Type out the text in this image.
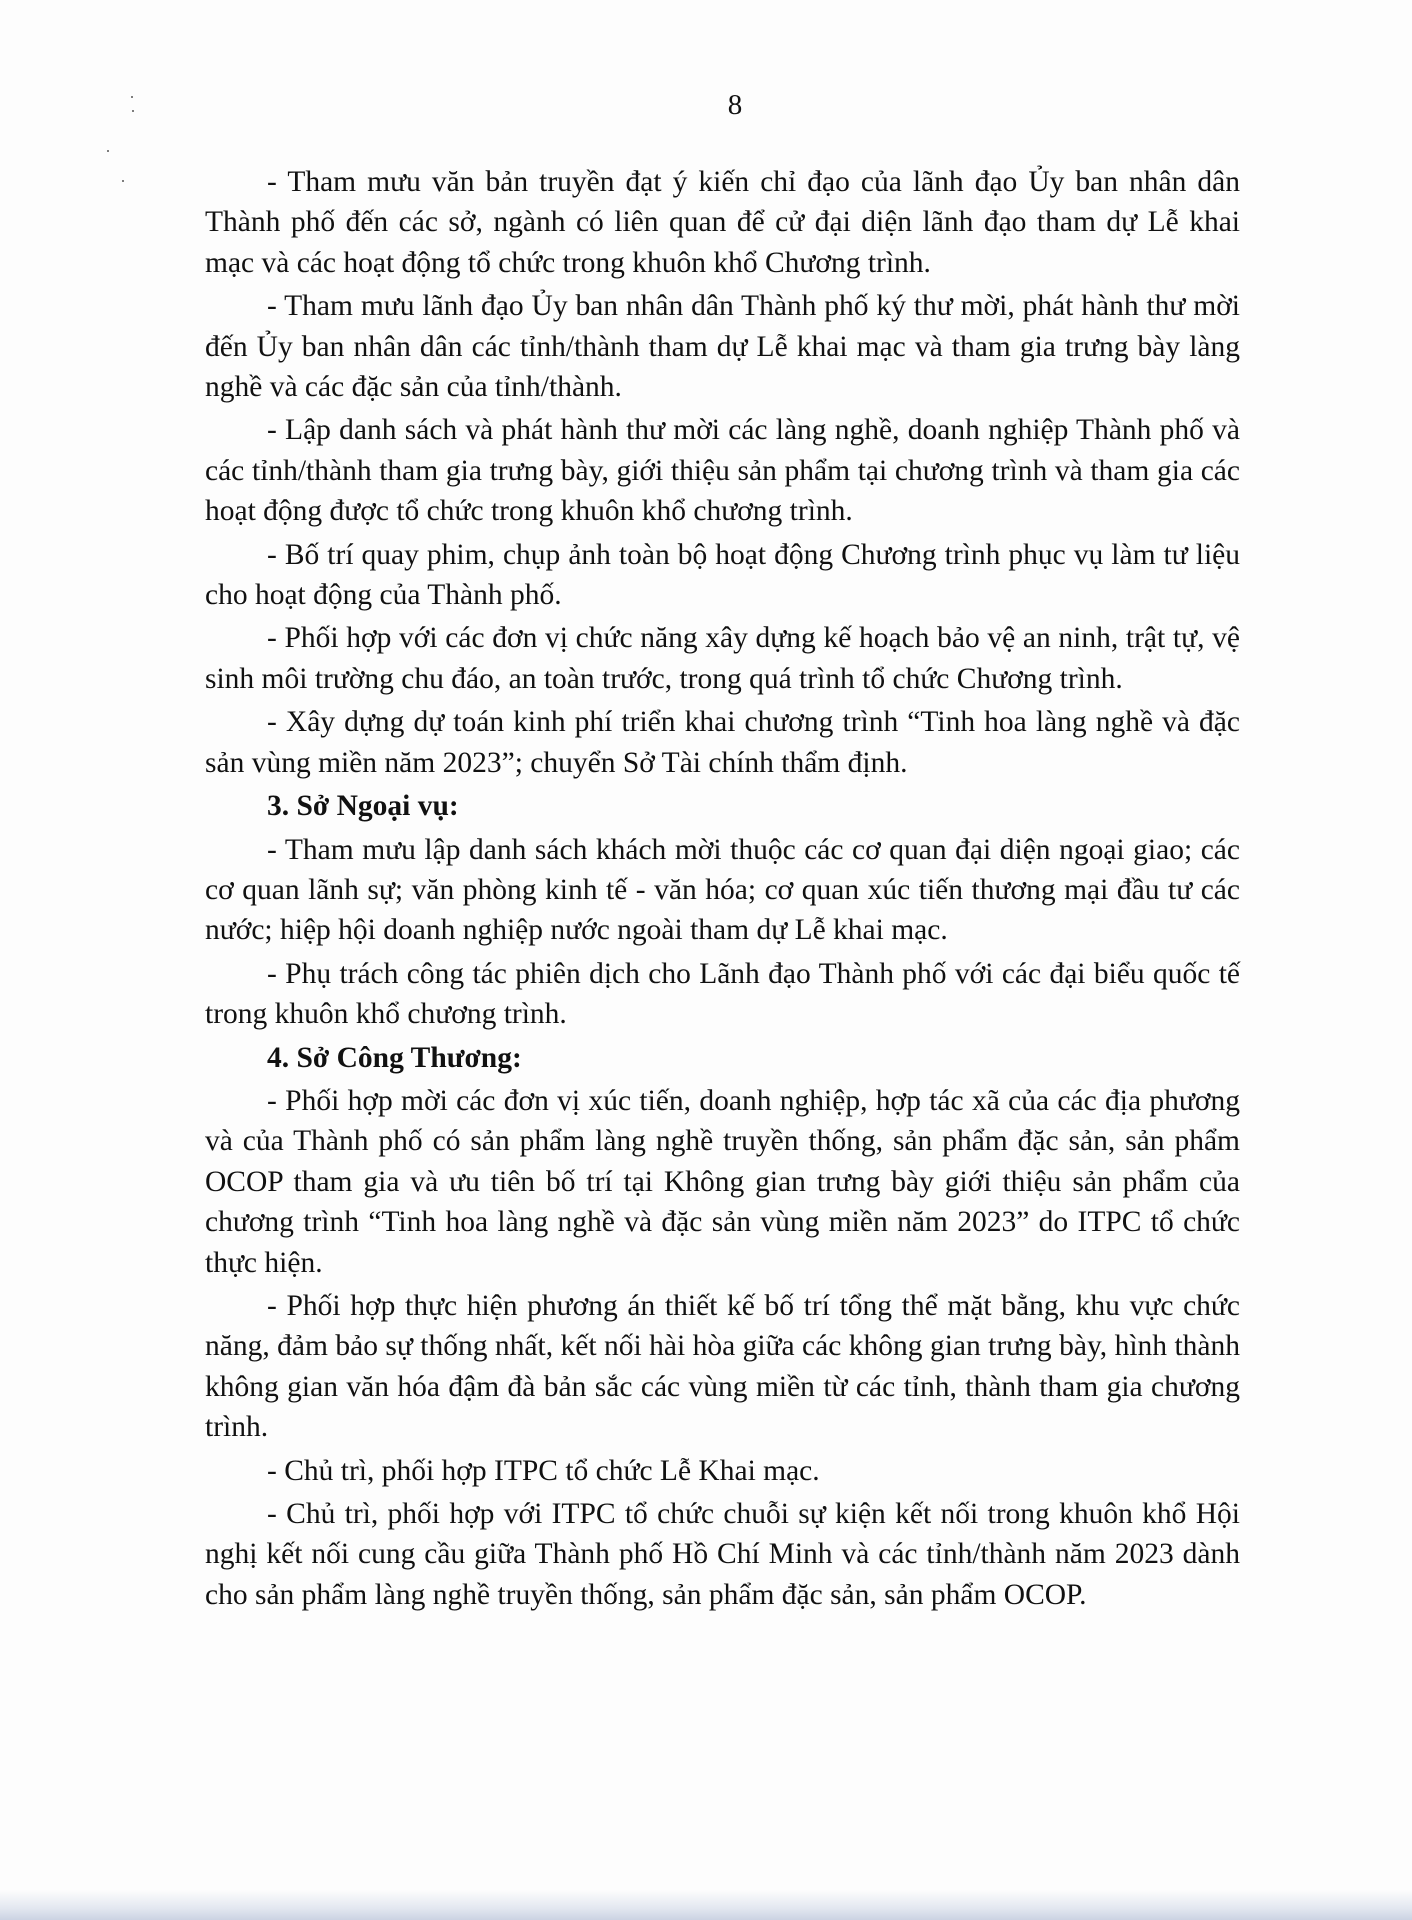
8

- Tham mưu văn bản truyền đạt ý kiến chỉ đạo của lãnh đạo Ủy ban nhân dân Thành phố đến các sở, ngành có liên quan để cử đại diện lãnh đạo tham dự Lễ khai mạc và các hoạt động tổ chức trong khuôn khổ Chương trình.

- Tham mưu lãnh đạo Ủy ban nhân dân Thành phố ký thư mời, phát hành thư mời đến Ủy ban nhân dân các tỉnh/thành tham dự Lễ khai mạc và tham gia trưng bày làng nghề và các đặc sản của tỉnh/thành.

- Lập danh sách và phát hành thư mời các làng nghề, doanh nghiệp Thành phố và các tỉnh/thành tham gia trưng bày, giới thiệu sản phẩm tại chương trình và tham gia các hoạt động được tổ chức trong khuôn khổ chương trình.

- Bố trí quay phim, chụp ảnh toàn bộ hoạt động Chương trình phục vụ làm tư liệu cho hoạt động của Thành phố.

- Phối hợp với các đơn vị chức năng xây dựng kế hoạch bảo vệ an ninh, trật tự, vệ sinh môi trường chu đáo, an toàn trước, trong quá trình tổ chức Chương trình.

- Xây dựng dự toán kinh phí triển khai chương trình “Tinh hoa làng nghề và đặc sản vùng miền năm 2023”; chuyển Sở Tài chính thẩm định.

3. Sở Ngoại vụ:

- Tham mưu lập danh sách khách mời thuộc các cơ quan đại diện ngoại giao; các cơ quan lãnh sự; văn phòng kinh tế - văn hóa; cơ quan xúc tiến thương mại đầu tư các nước; hiệp hội doanh nghiệp nước ngoài tham dự Lễ khai mạc.

- Phụ trách công tác phiên dịch cho Lãnh đạo Thành phố với các đại biểu quốc tế trong khuôn khổ chương trình.

4. Sở Công Thương:

- Phối hợp mời các đơn vị xúc tiến, doanh nghiệp, hợp tác xã của các địa phương và của Thành phố có sản phẩm làng nghề truyền thống, sản phẩm đặc sản, sản phẩm OCOP tham gia và ưu tiên bố trí tại Không gian trưng bày giới thiệu sản phẩm của chương trình “Tinh hoa làng nghề và đặc sản vùng miền năm 2023” do ITPC tổ chức thực hiện.

- Phối hợp thực hiện phương án thiết kế bố trí tổng thể mặt bằng, khu vực chức năng, đảm bảo sự thống nhất, kết nối hài hòa giữa các không gian trưng bày, hình thành không gian văn hóa đậm đà bản sắc các vùng miền từ các tỉnh, thành tham gia chương trình.

- Chủ trì, phối hợp ITPC tổ chức Lễ Khai mạc.

- Chủ trì, phối hợp với ITPC tổ chức chuỗi sự kiện kết nối trong khuôn khổ Hội nghị kết nối cung cầu giữa Thành phố Hồ Chí Minh và các tỉnh/thành năm 2023 dành cho sản phẩm làng nghề truyền thống, sản phẩm đặc sản, sản phẩm OCOP.
